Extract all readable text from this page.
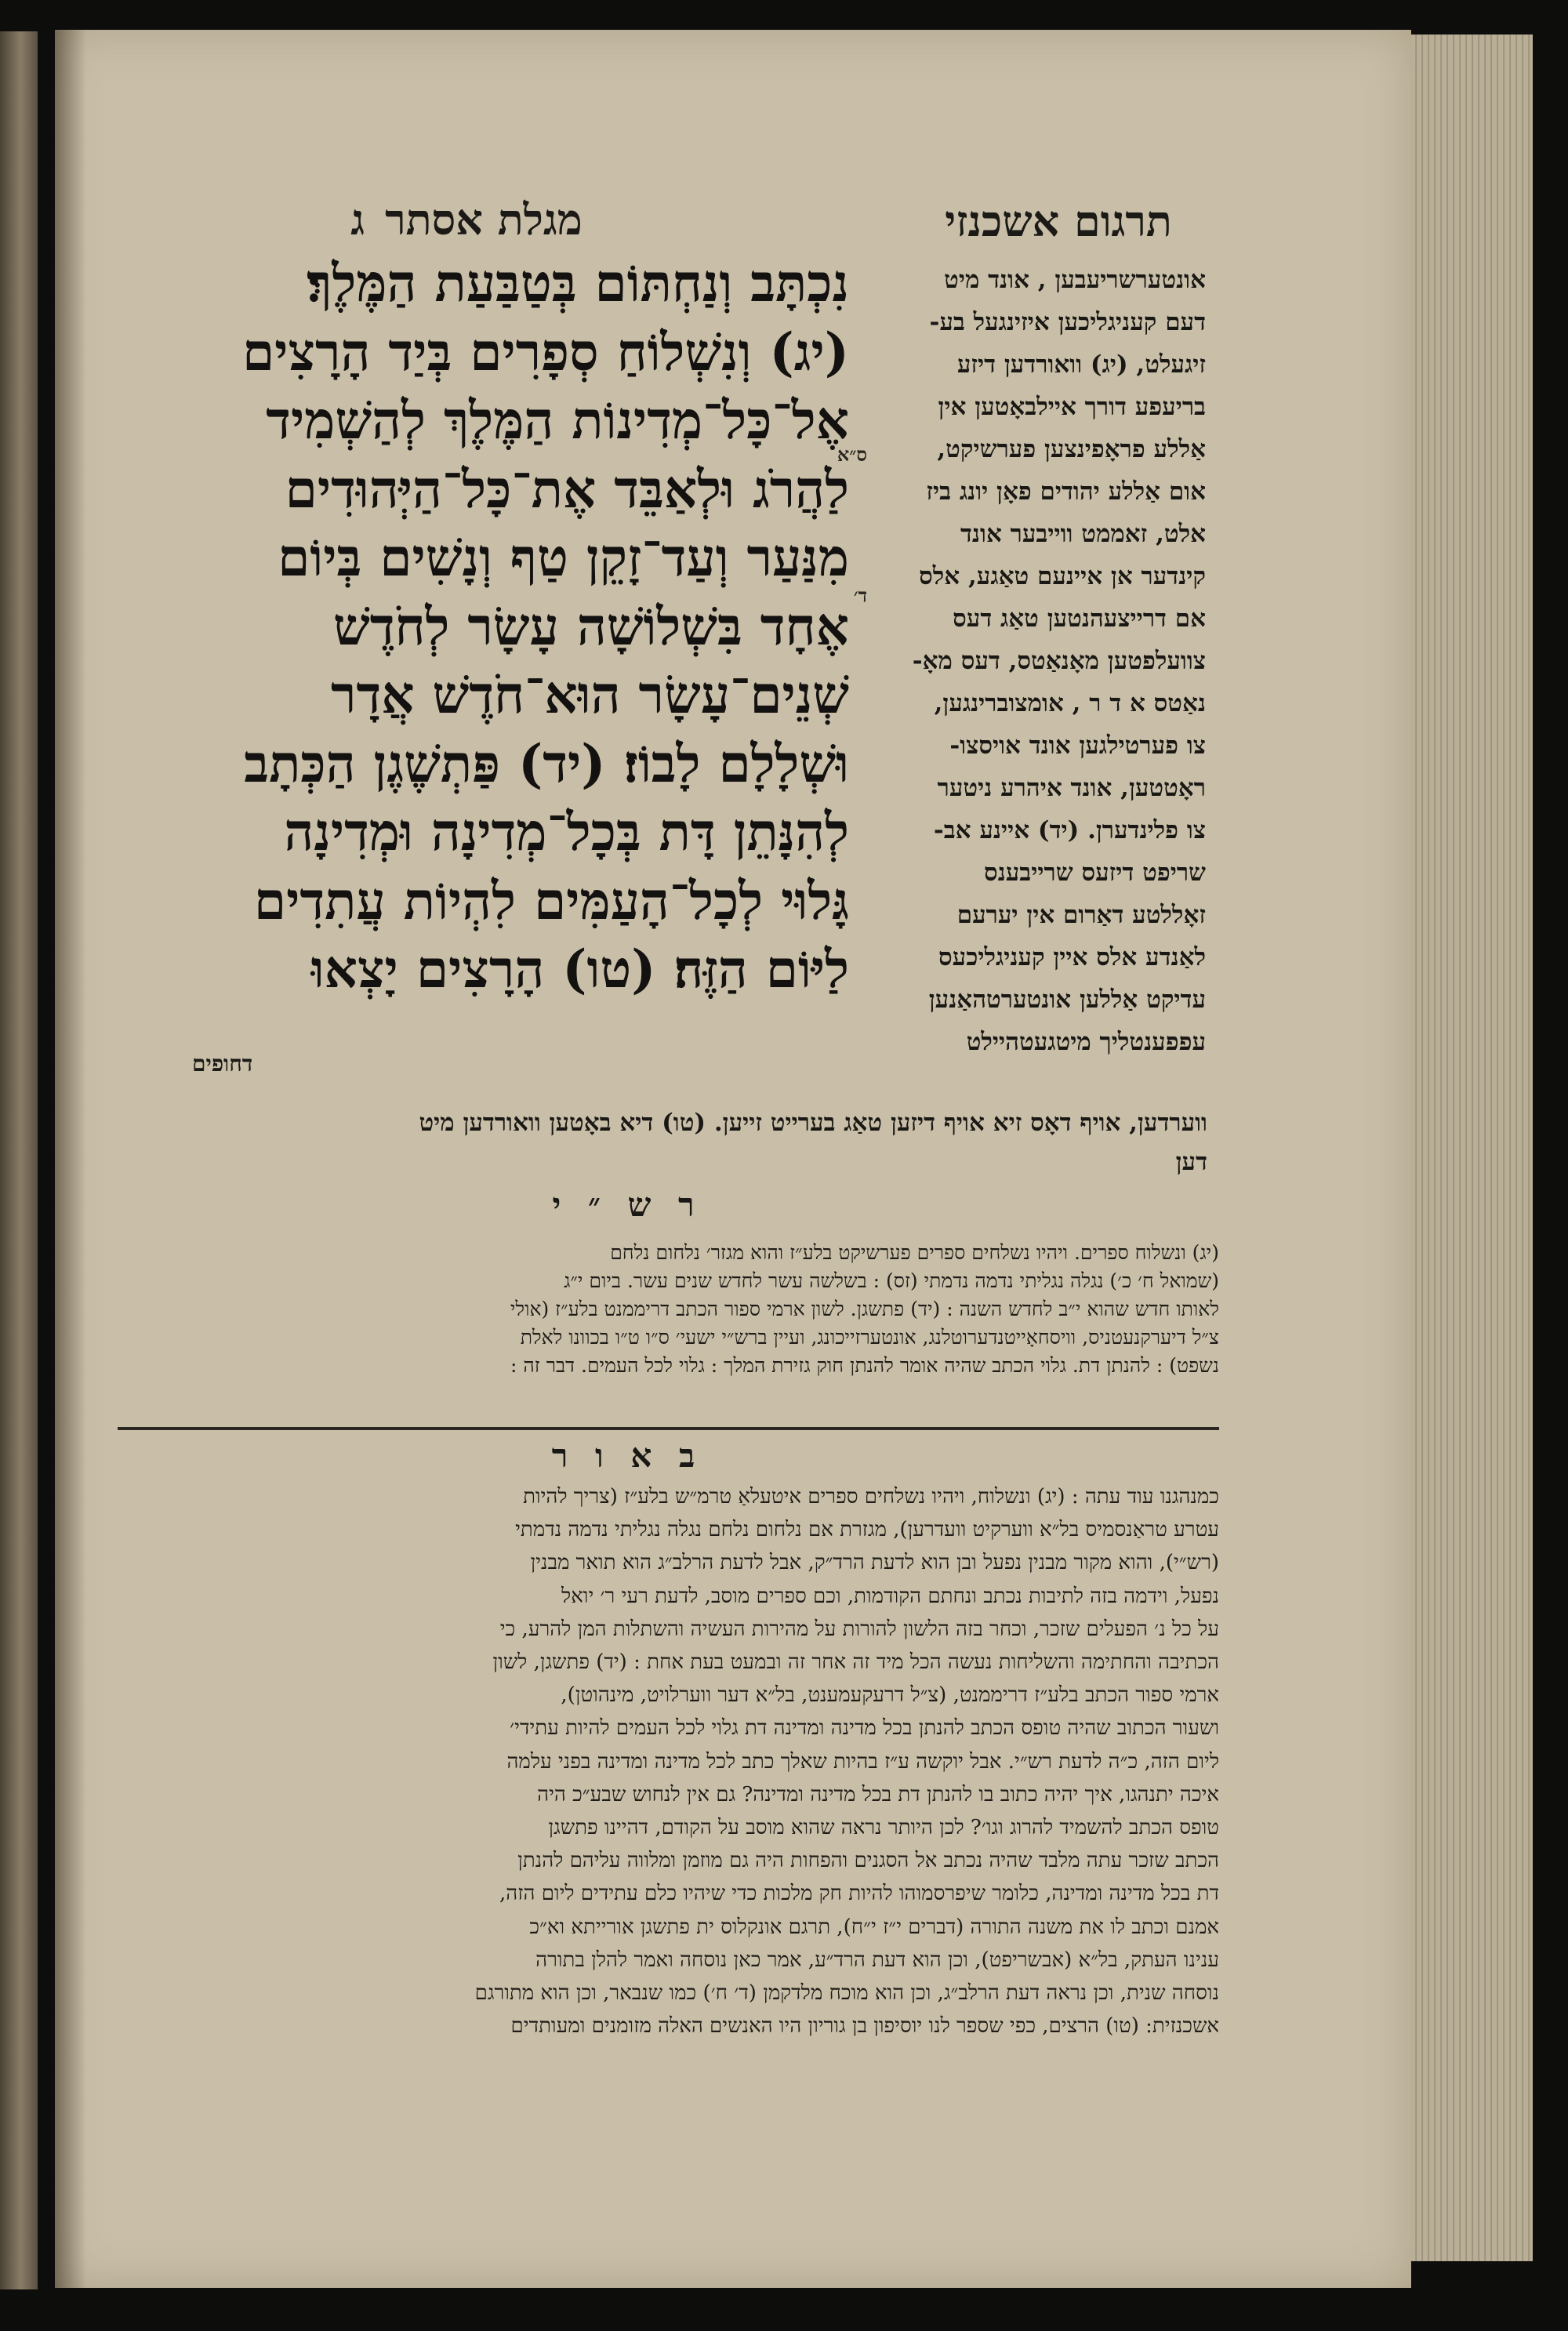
תרגום אשכנזי
מגלת אסתרג
נִכְתָּב וְנַחְתּוֹם בְּטַבַּעַת הַמֶּלֶךְ׃
(יג) וְנִשְׁלוֹחַ סְפָרִים בְּיַד הָרָצִים
אֶל־כָּל־מְדִינוֹת הַמֶּלֶךְ לְהַשְׁמִיד
לַהֲרֹג וּלְאַבֵּד אֶת־כָּל־הַיְּהוּדִים
מִנַּעַר וְעַד־זָקֵן טַף וְנָשִׁים בְּיוֹם
אֶחָד בִּשְׁלוֹשָׁה עָשָׂר לְחֹדֶשׁ
שְׁנֵים־עָשָׂר הוּא־חֹדֶשׁ אֲדָר
וּשְׁלָלָם לָבוֹז׃ (יד) פַּתְשֶׁגֶן הַכְּתָב
לְהִנָּתֵן דָּת בְּכָל־מְדִינָה וּמְדִינָה
גָּלוּי לְכָל־הָעַמִּים לִהְיוֹת עֲתִדִים
לַיּוֹם הַזֶּה׃ (טו) הָרָצִים יָצְאוּ
דחופים
ס״א
ד׳
אונטערשריעבען , אונד מיט
דעם קעניגליכען איזינגעל בע-
זיגעלט, (יג) וואורדען דיזע
בריעפע דורך איילבאָטען אין
אַללע פראָפינצען פערשיקט,
אום אַללע יהודים פאָן יונג ביז
אלט, זאממט ווייבער אונד
קינדער אן איינעם טאַגע, אלס
אם דרייצעהנטען טאַג דעס
צוועלפטען מאָנאַטס, דעס מאָ-
נאַטס א ד ר , אומצוברינגען,
צו פערטילגען אונד אויסצו-
ראָטטען, אונד איהרע ניטער
צו פלינדערן. (יד) איינע אב-
שריפט דיזעס שרייבענס
זאָללטע דאַרום אין יערעם
לאַנדע אלס איין קעניגליכעס
עדיקט אַללען אונטערטהאַנען
עפפענטליך מיטגעטהיילט
ווערדען, אויף דאָס זיא אויף דיזען טאַג בערייט זייען. (טו) דיא באָטען וואורדען מיט
דען
ר ש ״ י
(יג) ונשלוח ספרים. ויהיו נשלחים ספרים פערשיקט בלע״ז והוא מגזר׳ נלחום נלחם
(שמואל ח׳ כ׳) נגלה נגליתי נדמה נדמתי (זס) : בשלשה עשר לחדש שנים עשר. ביום י״ג
לאותו חדש שהוא י״ב לחדש השנה : (יד) פתשגן. לשון ארמי ספור הכתב דריממנט בלע״ז (אולי
צ״ל דיערקנעטניס, וויסחאָייטנדערוטלנג, אונטערזייכונג, ועיין ברש״י ישעי׳ ס״ו ט״ו בכוונו לאלת
נשפט) : להנתן דת. גלוי הכתב שהיה אומר להנתן חוק גזירת המלך : גלוי לכל העמים. דבר זה :
ב א ו ר
כמנהגנו עוד עתה : (יג) ונשלוח, ויהיו נשלחים ספרים איטעלאַ טרמ״ש בלע״ז (צריך להיות
עטרע טראַנסמיס בל״א ווערקיט וועדרען), מגזרת אם נלחום נלחם נגלה נגליתי נדמה נדמתי
(רש״י), והוא מקור מבנין נפעל ובן הוא לדעת הרד״ק, אבל לדעת הרלב״ג הוא תואר מבנין
נפעל, וידמה בזה לתיבות נכתב ונחתם הקודמות, וכם ספרים מוסב, לדעת רעי ר׳ יואל
על כל נ׳ הפעלים שזכר, וכחר בזה הלשון להורות על מהירות העשיה והשתלות המן להרע, כי
הכתיבה והחתימה והשליחות נעשה הכל מיד זה אחר זה ובמעט בעת אחת : (יד) פתשגן, לשון
ארמי ספור הכתב בלע״ז דריממנט, (צ״ל דרעקעמענט, בל״א דער ווערלויט, מינהוטן),
ושעור הכתוב שהיה טופס הכתב להנתן בכל מדינה ומדינה דת גלוי לכל העמים להיות עתידי׳
ליום הזה, כ״ה לדעת רש״י. אבל יוקשה ע״ז בהיות שאלך כתב לכל מדינה ומדינה בפני עלמה
איכה יתנהגו, איך יהיה כתוב בו להנתן דת בכל מדינה ומדינה? גם אין לנחוש שבע״כ היה
טופס הכתב להשמיד להרוג וגו׳? לכן היותר נראה שהוא מוסב על הקודם, דהיינו פתשגן
הכתב שזכר עתה מלבד שהיה נכתב אל הסגנים והפחות היה גם מוזמן ומלווה עליהם להנתן
דת בכל מדינה ומדינה, כלומר שיפרסמוהו להיות חק מלכות כדי שיהיו כלם עתידים ליום הזה,
אמנם וכתב לו את משנה התורה (דברים י״ז י״ח), תרגם אונקלוס ית פתשגן אורייתא וא״כ
ענינו העתק, בל״א (אבשריפט), וכן הוא דעת הרד״ע, אמר כאן נוסחה ואמר להלן בתורה
נוסחה שנית, וכן נראה דעת הרלב״ג, וכן הוא מוכח מלדקמן (ד׳ ח׳) כמו שנבאר, וכן הוא מתורגם
אשכנזית: (טו) הרצים, כפי שספר לנו יוסיפון בן גוריון היו האנשים האלה מזומנים ומעותדים
